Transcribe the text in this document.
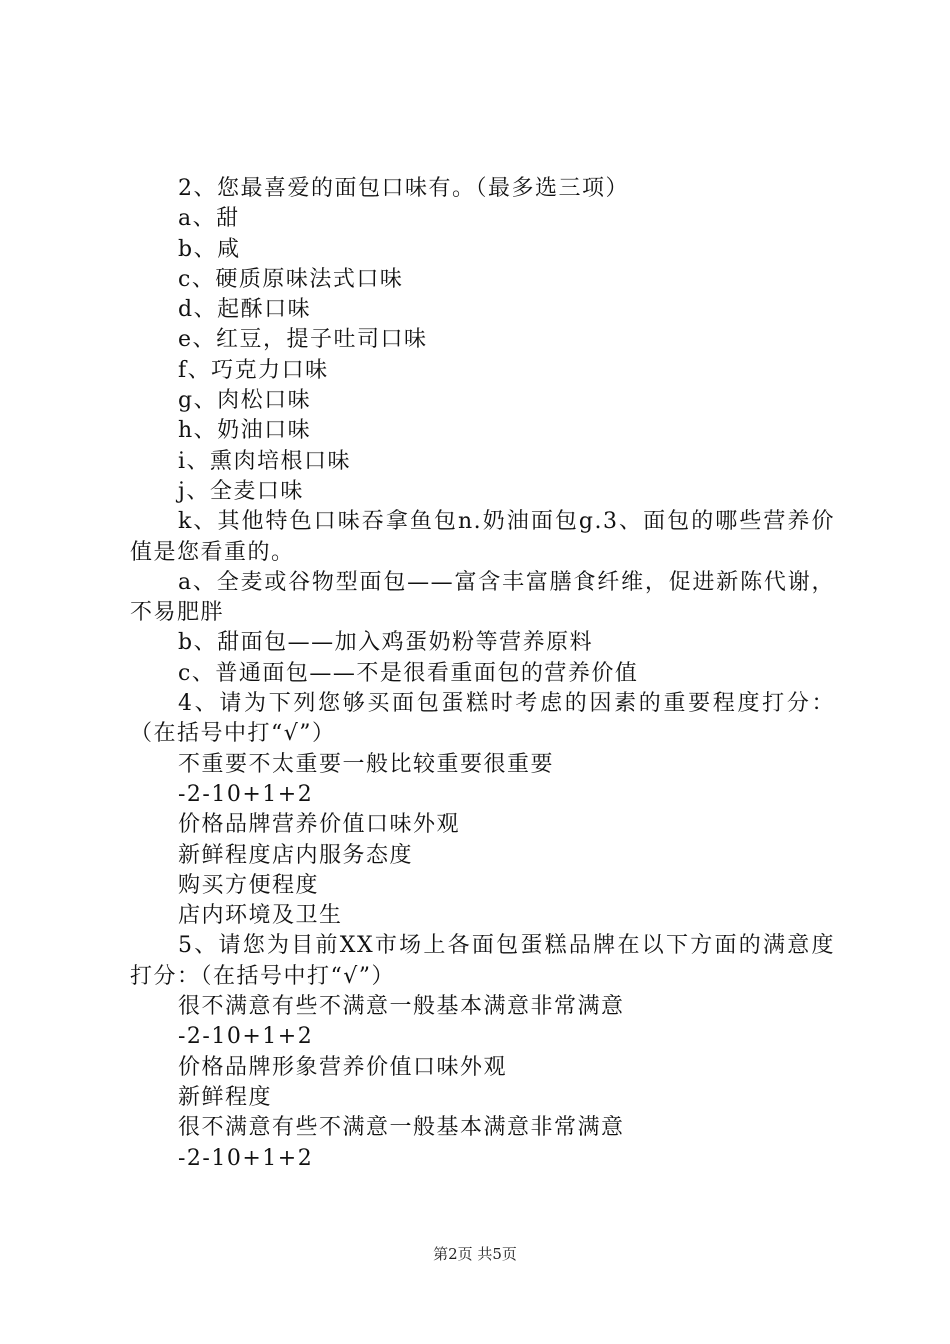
2、您最喜爱的面包口味有。（最多选三项）
a、甜
b、咸
c、硬质原味法式口味
d、起酥口味
e、红豆，提子吐司口味
f、巧克力口味
g、肉松口味
h、奶油口味
i、熏肉培根口味
j、全麦口味
k、其他特色口味吞拿鱼包n.奶油面包g.3、面包的哪些营养价值是您看重的。
a、全麦或谷物型面包——富含丰富膳食纤维，促进新陈代谢，不易肥胖
b、甜面包——加入鸡蛋奶粉等营养原料
c、普通面包——不是很看重面包的营养价值
4、请为下列您够买面包蛋糕时考虑的因素的重要程度打分：（在括号中打“√”）
不重要不太重要一般比较重要很重要
-2-10+1+2
价格品牌营养价值口味外观
新鲜程度店内服务态度
购买方便程度
店内环境及卫生
5、请您为目前XX市场上各面包蛋糕品牌在以下方面的满意度打分：（在括号中打“√”）
很不满意有些不满意一般基本满意非常满意
-2-10+1+2
价格品牌形象营养价值口味外观
新鲜程度
很不满意有些不满意一般基本满意非常满意
-2-10+1+2
第2页 共5页
